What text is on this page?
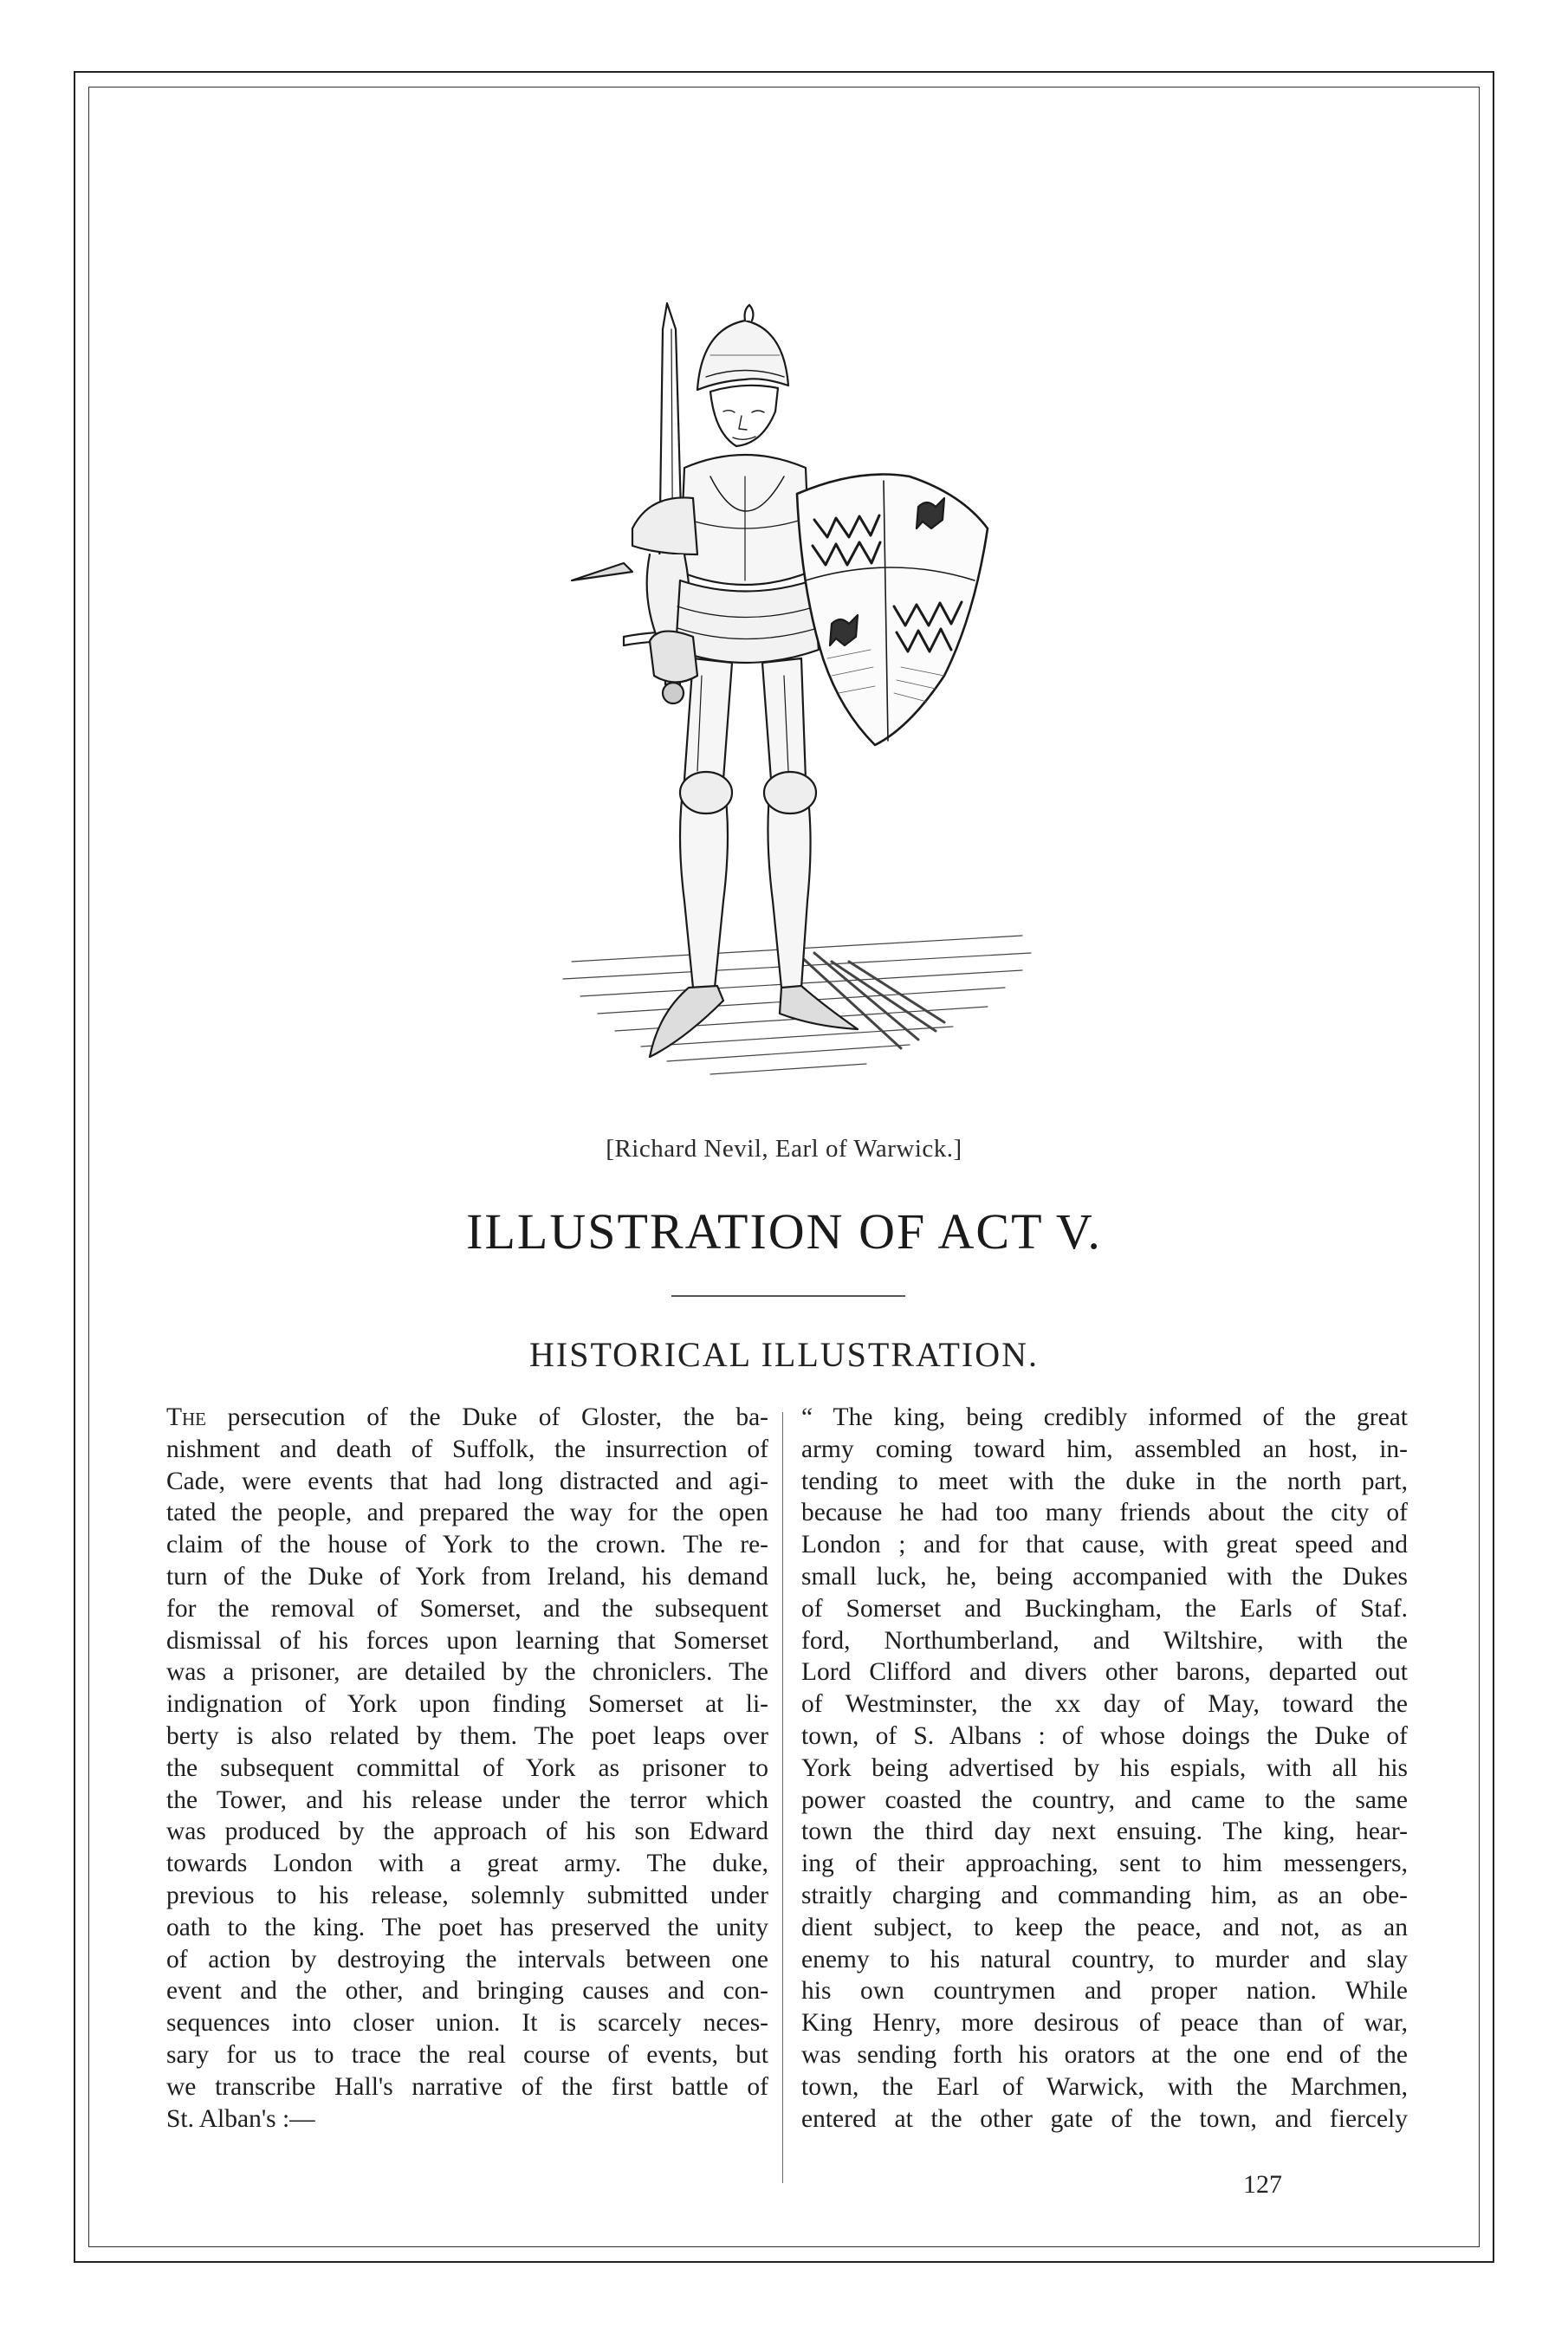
[Richard Nevil, Earl of Warwick.]
ILLUSTRATION OF ACT V.
HISTORICAL ILLUSTRATION.
The persecution of the Duke of Gloster, the ba-
nishment and death of Suffolk, the insurrection of
Cade, were events that had long distracted and agi-
tated the people, and prepared the way for the open
claim of the house of York to the crown. The re-
turn of the Duke of York from Ireland, his demand
for the removal of Somerset, and the subsequent
dismissal of his forces upon learning that Somerset
was a prisoner, are detailed by the chroniclers. The
indignation of York upon finding Somerset at li-
berty is also related by them. The poet leaps over
the subsequent committal of York as prisoner to
the Tower, and his release under the terror which
was produced by the approach of his son Edward
towards London with a great army. The duke,
previous to his release, solemnly submitted under
oath to the king. The poet has preserved the unity
of action by destroying the intervals between one
event and the other, and bringing causes and con-
sequences into closer union. It is scarcely neces-
sary for us to trace the real course of events, but
we transcribe Hall's narrative of the first battle of
St. Alban's :—
“ The king, being credibly informed of the great
army coming toward him, assembled an host, in-
tending to meet with the duke in the north part,
because he had too many friends about the city of
London ; and for that cause, with great speed and
small luck, he, being accompanied with the Dukes
of Somerset and Buckingham, the Earls of Staf.
ford, Northumberland, and Wiltshire, with the
Lord Clifford and divers other barons, departed out
of Westminster, the xx day of May, toward the
town, of S. Albans : of whose doings the Duke of
York being advertised by his espials, with all his
power coasted the country, and came to the same
town the third day next ensuing. The king, hear-
ing of their approaching, sent to him messengers,
straitly charging and commanding him, as an obe-
dient subject, to keep the peace, and not, as an
enemy to his natural country, to murder and slay
his own countrymen and proper nation. While
King Henry, more desirous of peace than of war,
was sending forth his orators at the one end of the
town, the Earl of Warwick, with the Marchmen,
entered at the other gate of the town, and fiercely
127
